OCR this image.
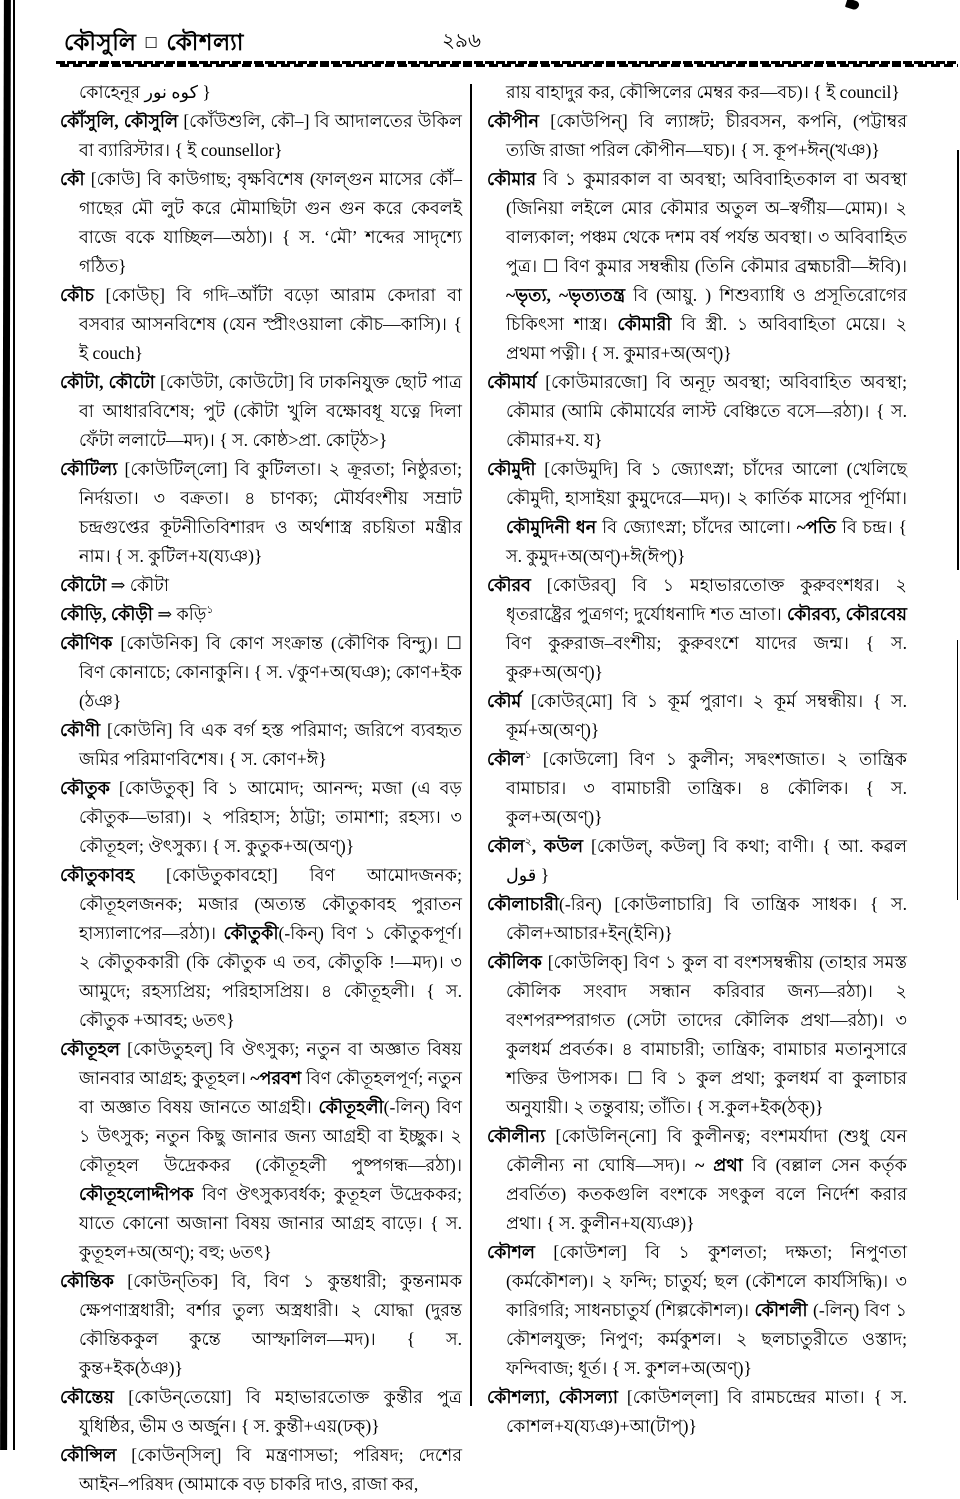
কৌসুলি ☐ কৌশল্যা	২৯৬

কোহেনূর كوه نور }

কৌঁসুলি, কৌসুলি [কোঁউশুলি, কৌ–] বি আদালতের উকিল বা ব্যারিস্টার। { ই counsellor}

কৌ [কোউ] বি কাউগাছ; বৃক্ষবিশেষ (ফাল্গুন মাসের কৌঁ–গাছের মৌ লুট করে মৌমাছিটা গুন গুন করে কেবলই বাজে বকে যাচ্ছিল—অঠা)। { স. ‘মৌ’ শব্দের সাদৃশ্যে গঠিত}

কৌচ [কোউচ্] বি গদি–আঁটা বড়ো আরাম কেদারা বা বসবার আসনবিশেষ (যেন স্প্রীংওয়ালা কৌচ—কাসি)। { ই couch}

কৌটা, কৌটো [কোউটা, কোউটো] বি ঢাকনিযুক্ত ছোট পাত্র বা আধারবিশেষ; পুট (কৌটা খুলি বক্ষোবধূ যত্নে দিলা ফেঁটা ললাটে—মদ)। { স. কোষ্ঠ>প্রা. কোট্ঠ>}

কৌটিল্য [কোউটিল্‌লো] বি কুটিলতা। ২ ক্রূরতা; নিষ্ঠুরতা; নির্দয়তা। ৩ বক্রতা। ৪ চাণক্য; মৌর্যবংশীয় সম্রাট চন্দ্রগুপ্তের কূটনীতিবিশারদ ও অর্থশাস্ত্র রচয়িতা মন্ত্রীর নাম। { স. কুটিল+য(য্যঞ)}

কৌটো ⇒ কৌটা

কৌড়ি, কৌড়ী ⇒ কড়ি$^১$

কৌণিক [কোউনিক] বি কোণ সংক্রান্ত (কৌণিক বিন্দু)। ☐ বিণ কোনাচে; কোনাকুনি। { স. √কুণ+অ(ঘঞ); কোণ+ইক (ঠঞ}

কৌণী [কোউনি] বি এক বর্গ হস্ত পরিমাণ; জরিপে ব্যবহৃত জমির পরিমাণবিশেষ। { স. কোণ+ঈ}

কৌতুক [কোউতুক্] বি ১ আমোদ; আনন্দ; মজা (এ বড় কৌতুক—ভারা)। ২ পরিহাস; ঠাট্টা; তামাশা; রহস্য। ৩ কৌতূহল; ঔৎসুক্য। { স. কুতুক+অ(অণ্)}

কৌতুকাবহ [কোউতুকাবহো] বিণ আমোদজনক; কৌতূহলজনক; মজার (অত্যন্ত কৌতুকাবহ পুরাতন হাস্যালাপের—রঠা)। কৌতুকী(-কিন্) বিণ ১ কৌতুকপূর্ণ। ২ কৌতুককারী (কি কৌতুক এ তব, কৌতুকি !—মদ)। ৩ আমুদে; রহস্যপ্রিয়; পরিহাসপ্রিয়। ৪ কৌতূহলী। { স. কৌতুক +আবহ; ৬তৎ}

কৌতূহল [কোউতুহল্] বি ঔৎসুক্য; নতুন বা অজ্ঞাত বিষয় জানবার আগ্রহ; কুতূহল। ~পরবশ বিণ কৌতূহলপূর্ণ; নতুন বা অজ্ঞাত বিষয় জানতে আগ্রহী। কৌতূহলী(-লিন্) বিণ ১ উৎসুক; নতুন কিছু জানার জন্য আগ্রহী বা ইচ্ছুক। ২ কৌতূহল উদ্রেককর (কৌতূহলী পুষ্পগন্ধ—রঠা)। কৌতূহলোদ্দীপক বিণ ঔৎসুক্যবর্ধক; কুতূহল উদ্রেককর; যাতে কোনো অজানা বিষয় জানার আগ্রহ বাড়ে। { স. কুতূহল+অ(অণ্); বহু; ৬তৎ}

কৌন্তিক [কোউন্‌তিক] বি, বিণ ১ কুন্তধারী; কুন্তনামক ক্ষেপণাস্ত্রধারী; বর্শার তুল্য অস্ত্রধারী। ২ যোদ্ধা (দুরন্ত কৌন্তিককুল কুন্তে আস্ফালিল—মদ)। { স. কুন্ত+ইক(ঠঞ)}

কৌন্তেয় [কোউন্‌তেয়ো] বি মহাভারতোক্ত কুন্তীর পুত্র যুধিষ্ঠির, ভীম ও অর্জুন। { স. কুন্তী+এয়(ঢক্)}

কৌন্সিল [কোউন্‌সিল্] বি মন্ত্রণাসভা; পরিষদ; দেশের আইন–পরিষদ (আমাকে বড় চাকরি দাও, রাজা কর,

রায় বাহাদুর কর, কৌন্সিলের মেম্বর কর—বচ)। { ই council}

কৌপীন [কোউপিন্] বি ল্যাঙ্গট; চীরবসন, কপনি, (পট্টাম্বর ত্যজি রাজা পরিল কৌপীন—ঘচ)। { স. কূপ+ঈন্(খঞ)}

কৌমার বি ১ কুমারকাল বা অবস্থা; অবিবাহিতকাল বা অবস্থা (জিনিয়া লইলে মোর কৌমার অতুল অ–স্বর্গীয়—মোম)। ২ বাল্যকাল; পঞ্চম থেকে দশম বর্ষ পর্যন্ত অবস্থা। ৩ অবিবাহিত পুত্র। ☐ বিণ কুমার সম্বন্ধীয় (তিনি কৌমার ব্রহ্মচারী—ঈবি)। ~ভৃত্য, ~ভৃত্যতন্ত্র বি (আয়ু. ) শিশুব্যাধি ও প্রসূতিরোগের চিকিৎসা শাস্ত্র। কৌমারী বি স্ত্রী. ১ অবিবাহিতা মেয়ে। ২ প্রথমা পত্নী। { স. কুমার+অ(অণ্)}

কৌমার্য [কোউমারজো] বি অনূঢ় অবস্থা; অবিবাহিত অবস্থা; কৌমার (আমি কৌমার্যের লাস্ট বেঞ্চিতে বসে—রঠা)। { স. কৌমার+য. য}

কৌমুদী [কোউমুদি] বি ১ জ্যোৎস্না; চাঁদের আলো (খেলিছে কৌমুদী, হাসাইয়া কুমুদেরে—মদ)। ২ কার্তিক মাসের পূর্ণিমা। কৌমুদিনী ধন বি জ্যোৎস্না; চাঁদের আলো। ~পতি বি চন্দ্র। { স. কুমুদ+অ(অণ্)+ঈ(ঈপ্)}

কৌরব [কোউরব্] বি ১ মহাভারতোক্ত কুরুবংশধর। ২ ধৃতরাষ্ট্রের পুত্রগণ; দুর্যোধনাদি শত ভ্রাতা। কৌরব্য, কৌরবেয় বিণ কুরুরাজ–বংশীয়; কুরুবংশে যাদের জন্ম। { স. কুরু+অ(অণ্)}

কৌর্ম [কোউর্‌মো] বি ১ কূর্ম পুরাণ। ২ কূর্ম সম্বন্ধীয়। { স. কূর্ম+অ(অণ্)}

কৌল$^১$ [কোউলো] বিণ ১ কুলীন; সদ্বংশজাত। ২ তান্ত্রিক বামাচার। ৩ বামাচারী তান্ত্রিক। ৪ কৌলিক। { স. কুল+অ(অণ্)}

কৌল$^২$, কউল [কোউল্, কউল্] বি কথা; বাণী। { আ. কৱল قول }

কৌলাচারী(-রিন্) [কোউলাচারি] বি তান্ত্রিক সাধক। { স. কৌল+আচার+ইন্(ইনি)}

কৌলিক [কোউলিক্] বিণ ১ কুল বা বংশসম্বন্ধীয় (তাহার সমস্ত কৌলিক সংবাদ সন্ধান করিবার জন্য—রঠা)। ২ বংশপরম্পরাগত (সেটা তাদের কৌলিক প্রথা—রঠা)। ৩ কুলধর্ম প্রবর্তক। ৪ বামাচারী; তান্ত্রিক; বামাচার মতানুসারে শক্তির উপাসক। ☐ বি ১ কুল প্রথা; কুলধর্ম বা কুলাচার অনুযায়ী। ২ তন্তুবায়; তাঁতি। { স.কুল+ইক(ঠক্)}

কৌলীন্য [কোউলিন্‌নো] বি কুলীনত্ব; বংশমর্যাদা (শুধু যেন কৌলীন্য না ঘোষি—সদ)। ~ প্রথা বি (বল্লাল সেন কর্তৃক প্রবর্তিত) কতকগুলি বংশকে সৎকুল বলে নির্দেশ করার প্রথা। { স. কুলীন+য(য্যঞ)}

কৌশল [কোউশল] বি ১ কুশলতা; দক্ষতা; নিপুণতা (কর্মকৌশল)। ২ ফন্দি; চাতুর্য; ছল (কৌশলে কার্যসিদ্ধি)। ৩ কারিগরি; সাধনচাতুর্য (শিল্পকৌশল)। কৌশলী (-লিন্) বিণ ১ কৌশলযুক্ত; নিপুণ; কর্মকুশল। ২ ছলচাতুরীতে ওস্তাদ; ফন্দিবাজ; ধূর্ত। { স. কুশল+অ(অণ্)}

কৌশল্যা, কৌসল্যা [কোউশল্‌লা] বি রামচন্দ্রের মাতা। { স. কোশল+য(য্যঞ)+আ(টাপ্)}
